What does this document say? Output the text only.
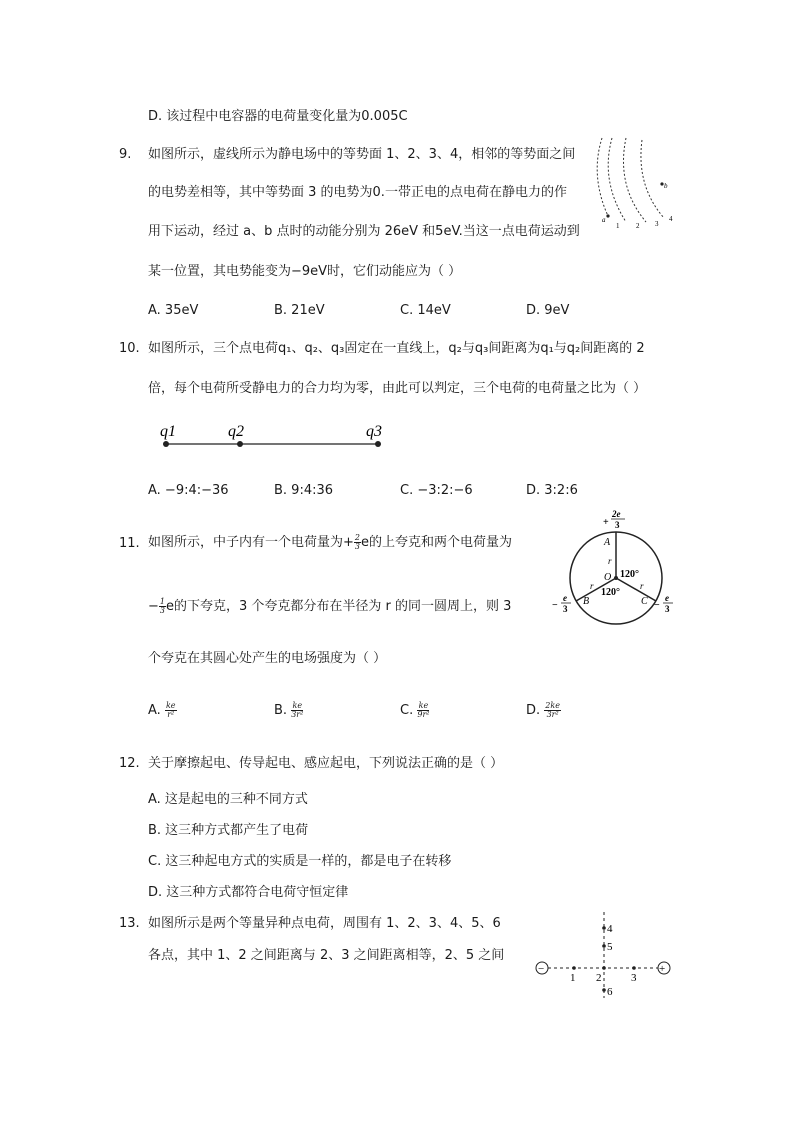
D. 该过程中电容器的电荷量变化量为0.005C
9. 如图所示，虚线所示为静电场中的等势面 1、2、3、4，相邻的等势面之间
的电势差相等，其中等势面 3 的电势为0.一带正电的点电荷在静电力的作
用下运动，经过 a、b 点时的动能分别为 26eV 和5eV.当这一点电荷运动到
某一位置，其电势能变为−9eV时，它们动能应为（ ）
A. 35eV	B. 21eV	C. 14eV	D. 9eV
a
b
1 2 3
4
10. 如图所示，三个点电荷q₁、q₂、q₃固定在一直线上，q₂与q₃间距离为q₁与q₂间距离的 2
倍，每个电荷所受静电力的合力均为零，由此可以判定，三个电荷的电荷量之比为（ ）
q1	q2	q3
A. −9:4:−36	B. 9:4:36	C. −3:2:−6	D. 3:2:6
11. 如图所示，中子内有一个电荷量为+ $\frac{2}{3}$ e的上夸克和两个电荷量为
− $\frac{1}{3}$ e的下夸克，3 个夸克都分布在半径为 r 的同一圆周上，则 3
个夸克在其圆心处产生的电场强度为（ ）
A. $\frac{ke}{\text{r²}}$	B. $\frac{ke}{\text{3r²}}$	C. $\frac{ke}{\text{9r²}}$	D. $\frac{2ke}{\text{3r²}}$
+
2e
3
−
e
3	−
e
3
A
B	C
O
r
r	r
120°
120°
12. 关于摩擦起电、传导起电、感应起电，下列说法正确的是（ ）
A. 这是起电的三种不同方式
B. 这三种方式都产生了电荷
C. 这三种起电方式的实质是一样的，都是电子在转移
D. 这三种方式都符合电荷守恒定律
13. 如图所示是两个等量异种点电荷，周围有 1、2、3、4、5、6
各点，其中 1、2 之间距离与 2、3 之间距离相等，2、5 之间
−	+
1 2	3
4
5
6
